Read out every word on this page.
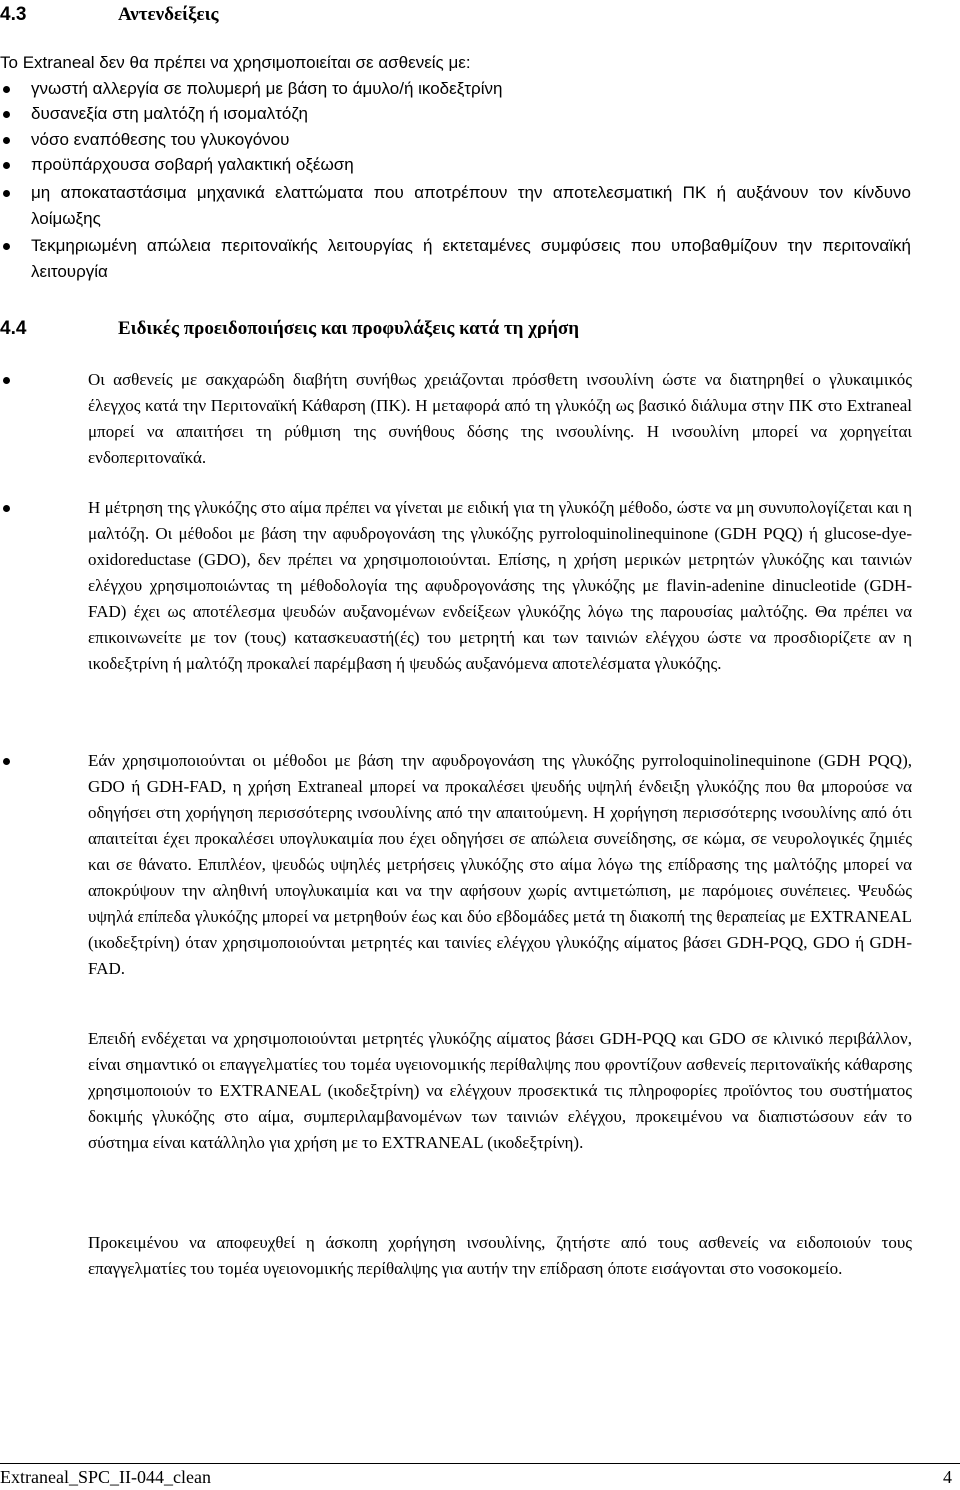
4.3	Αντενδείξεις
Το Extraneal δεν θα πρέπει να χρησιμοποιείται σε ασθενείς με:
γνωστή αλλεργία σε πολυμερή με βάση το άμυλο/ή ικοδεξτρίνη
δυσανεξία στη μαλτόζη ή ισομαλτόζη
νόσο εναπόθεσης του γλυκογόνου
προϋπάρχουσα σοβαρή γαλακτική οξέωση
μη αποκαταστάσιμα μηχανικά ελαττώματα που αποτρέπουν την αποτελεσματική ΠΚ ή αυξάνουν τον κίνδυνο λοίμωξης
Τεκμηριωμένη απώλεια περιτοναϊκής λειτουργίας ή εκτεταμένες συμφύσεις που υποβαθμίζουν την περιτοναϊκή λειτουργία
4.4	Ειδικές προειδοποιήσεις και προφυλάξεις κατά τη χρήση
Οι ασθενείς με σακχαρώδη διαβήτη συνήθως χρειάζονται πρόσθετη ινσουλίνη ώστε να διατηρηθεί ο γλυκαιμικός έλεγχος κατά την Περιτοναϊκή Κάθαρση (ΠΚ). Η μεταφορά από τη γλυκόζη ως βασικό διάλυμα στην ΠΚ στο Extraneal μπορεί να απαιτήσει τη ρύθμιση της συνήθους δόσης της ινσουλίνης. Η ινσουλίνη μπορεί να χορηγείται ενδοπεριτοναϊκά.
Η μέτρηση της γλυκόζης στο αίμα πρέπει να γίνεται με ειδική για τη γλυκόζη μέθοδο, ώστε να μη συνυπολογίζεται και η μαλτόζη. Οι μέθοδοι με βάση την αφυδρογονάση της γλυκόζης pyrroloquinolinequinone (GDH PQQ) ή glucose-dye-oxidoreductase (GDO), δεν πρέπει να χρησιμοποιούνται. Επίσης, η χρήση μερικών μετρητών γλυκόζης και ταινιών ελέγχου χρησιμοποιώντας τη μέθοδολογία της αφυδρογονάσης της γλυκόζης με flavin-adenine dinucleotide (GDH-FAD) έχει ως αποτέλεσμα ψευδών αυξανομένων ενδείξεων γλυκόζης λόγω της παρουσίας μαλτόζης. Θα πρέπει να επικοινωνείτε με τον (τους) κατασκευαστή(ές) του μετρητή και των ταινιών ελέγχου ώστε να προσδιορίζετε αν η ικοδεξτρίνη ή μαλτόζη προκαλεί παρέμβαση ή ψευδώς αυξανόμενα αποτελέσματα γλυκόζης.
Εάν χρησιμοποιούνται οι μέθοδοι με βάση την αφυδρογονάση της γλυκόζης pyrroloquinolinequinone (GDH PQQ), GDO ή GDH-FAD, η χρήση Extraneal μπορεί να προκαλέσει ψευδής υψηλή ένδειξη γλυκόζης που θα μπορούσε να οδηγήσει στη χορήγηση περισσότερης ινσουλίνης από την απαιτούμενη. Η χορήγηση περισσότερης ινσουλίνης από ότι απαιτείται έχει προκαλέσει υπογλυκαιμία που έχει οδηγήσει σε απώλεια συνείδησης, σε κώμα, σε νευρολογικές ζημιές και σε θάνατο. Επιπλέον, ψευδώς υψηλές μετρήσεις γλυκόζης στο αίμα λόγω της επίδρασης της μαλτόζης μπορεί να αποκρύψουν την αληθινή υπογλυκαιμία και να την αφήσουν χωρίς αντιμετώπιση, με παρόμοιες συνέπειες. Ψευδώς υψηλά επίπεδα γλυκόζης μπορεί να μετρηθούν έως και δύο εβδομάδες μετά τη διακοπή της θεραπείας με EXTRANEAL (ικοδεξτρίνη) όταν χρησιμοποιούνται μετρητές και ταινίες ελέγχου γλυκόζης αίματος βάσει GDH-PQQ, GDO ή GDH-FAD.
Επειδή ενδέχεται να χρησιμοποιούνται μετρητές γλυκόζης αίματος βάσει GDH-PQQ και GDO σε κλινικό περιβάλλον, είναι σημαντικό οι επαγγελματίες του τομέα υγειονομικής περίθαλψης που φροντίζουν ασθενείς περιτοναϊκής κάθαρσης χρησιμοποιούν το EXTRANEAL (ικοδεξτρίνη) να ελέγχουν προσεκτικά τις πληροφορίες προϊόντος του συστήματος δοκιμής γλυκόζης στο αίμα, συμπεριλαμβανομένων των ταινιών ελέγχου, προκειμένου να διαπιστώσουν εάν το σύστημα είναι κατάλληλο για χρήση με το EXTRANEAL (ικοδεξτρίνη).
Προκειμένου να αποφευχθεί η άσκοπη χορήγηση ινσουλίνης, ζητήστε από τους ασθενείς να ειδοποιούν τους επαγγελματίες του τομέα υγειονομικής περίθαλψης για αυτήν την επίδραση όποτε εισάγονται στο νοσοκομείο.
Extraneal_SPC_II-044_clean	4
